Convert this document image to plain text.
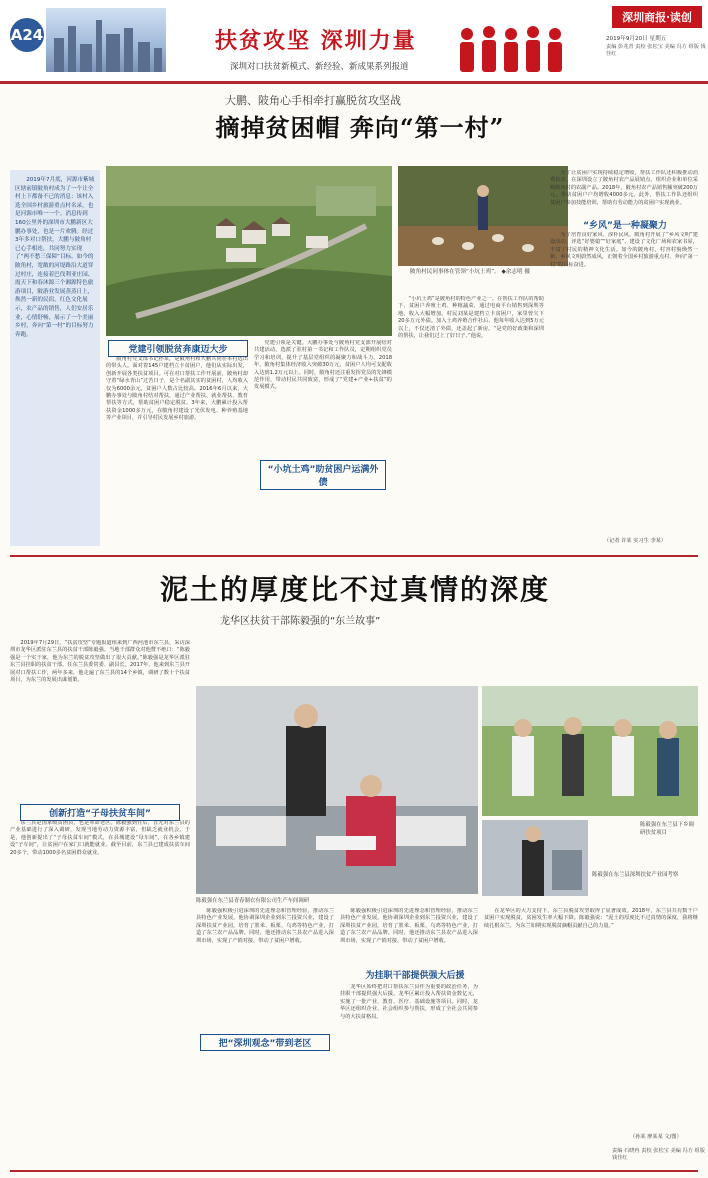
A24	扶贫攻坚 深圳力量
深圳对口扶贫新模式、新经验、新成果系列报道
深圳商报·读创
2019年9月20日 星期五
责编 彭兆青 责校 张松宝 美编 冯方 组版 钱佳红
大鹏、陂角心手相牵打赢脱贫攻坚战
摘掉贫困帽 奔向“第一村”

2019年7月底，河源市紫城区辖前镇陂角村成为了一个让全村上下都备不已的消息：该村入选全国乡村旅游重点村名录，也是河源市唯一一个。消息传到160公里外的深圳市大鹏新区大鹏办事处，也是一片欢腾。经过3年多对口帮扶，大鹏与陂角村已心手相连，共同努力实现了“两不愁三保障”目标。如今的陂角村，宽敞的河堤路沿大道穿过村庄，连接着巴伐利亚庄园、霞天下和春沐源三个湘源特色旅游项目，陂游业发展蒸蒸日上，焕然一新的民宿，红色文化展示，农产品的销售，人们安居乐业，心情舒畅，展示了一个美丽乡村，奔向“第一村”的目标努力奔跑。

陂角村民同事体在管领“小坑土鸡”。 ◆余志明 摄
党建引领脱贫奔康迈大步

陂角村党支部书记孙某，是陂角村和大鹏共同在本村选出的带头人。面对着145户建档立卡贫困户，他们从实际出发，创新开展各类扶贫项目。可在对口帮扶工作开展前，陂角村却守着“绿水青山”过苦日子，是个名副其实的贫困村，人均收入仅为6000余元，贫困户人数占比较高。2016年6月以来，大鹏办事处与陂角村结对帮扶，通过产业帮扶、就业帮扶、教育帮扶等方式，帮助贫困户稳定脱贫。3年来，大鹏累计投入帮扶资金1000多万元，在陂角村建设了光伏发电、种养殖基地等产业项目，并引导村民发展乡村旅游。

党建引领是关键。大鹏办事处与陂角村党支部开展结对共建活动，选派了驻村第一书记和工作队员，定期组织党员学习和培训，提升了基层党组织的凝聚力和战斗力。2018年，陂角村集体经济收入突破30万元，贫困户人均可支配收入达到1.2万元以上。同时，陂角村还注重发挥党员的先锋模范作用，带动村民共同致富，形成了“党建+产业+扶贫”的发展模式。

“小坑土鸡”助贫困户运满外债

“小坑土鸡”是陂角村的特色产业之一。在帮扶工作队的帮助下，贫困户养殖土鸡、种植蔬菜，通过电商平台销售到深圳等地，收入大幅增加。村民刘某是建档立卡贫困户，家里曾欠下20多万元外债。加入土鸡养殖合作社后，他每年收入达到5万元以上，不仅还清了外债，还盖起了新房。“是党的好政策和深圳的帮扶，让我们过上了好日子。”他说。

为了让贫困户实现持续稳定增收，帮扶工作队还积极推动消费扶贫，在深圳设立了陂角村农产品展销点，组织企业和单位采购陂角村的农副产品。2018年，陂角村农产品销售额突破200万元，带动贫困户户均增收4000多元。此外，帮扶工作队还组织贫困户参加技能培训，帮助有劳动能力的贫困户实现就业。

“乡风”是一种凝聚力

为了培育良好家风、淳朴民风，陂角村开展了“乡风文明”建设活动，评选“好婆媳”“好家庭”，建设了文化广场和农家书屋，丰富了村民的精神文化生活。如今的陂角村，村容村貌焕然一新，乡风文明蔚然成风，正朝着全国乡村旅游重点村、奔向“第一村”的目标奋进。

（记者 许某 实习生 李某）
泥土的厚度比不过真情的深度
龙华区扶贫干部陈毅强的“东兰故事”

2019年7月29日，“扶贫攻坚”专题报道组来到广西河池市东兰县，采访深圳市龙华区派驻东兰县的扶贫干部陈毅强。当地干部群众对他赞不绝口：“陈毅强是一个实干家，他为东兰的脱贫攻坚做出了很大贡献。”陈毅强是龙华区派驻东兰县挂职的扶贫干部，任东兰县委常委、副县长。2017年，他来到东兰县开展对口帮扶工作，两年多来，他走遍了东兰县的14个乡镇，调研了数十个扶贫项目，为东兰的发展出谋划策。

创新打造“子母扶贫车间”

东兰县是国家级贫困县，也是革命老区。陈毅强到任后，首先对东兰县的产业基础进行了深入调研，发现当地劳动力资源丰富，但缺乏就业机会。于是，他创新提出了“子母扶贫车间”模式，在县城建设“母车间”，在各乡镇建设“子车间”，让贫困户在家门口就能就业。截至目前，东兰县已建成扶贫车间20多个，带动1000多名贫困群众就业。

陈毅强在东兰县青春制衣有限公司生产车间调研
陈毅强在东兰县下乡调研扶贫项目
陈毅强在东兰县深圳扶贫产业园考察

陈毅强积极引进深圳的先进理念和管理经验，推动东兰县特色产业发展。他协调深圳企业到东兰投资兴业，建设了深圳扶贫产业园，培育了墨米、板栗、乌鸡等特色产业，打造了东兰农产品品牌。同时，他还推动东兰县农产品进入深圳市场，实现了产销对接，带动了贫困户增收。

把“深圳观念”带到老区

陈毅强积极引进深圳的先进理念和管理经验，推动东兰县特色产业发展。他协调深圳企业到东兰投资兴业，建设了深圳扶贫产业园，培育了墨米、板栗、乌鸡等特色产业，打造了东兰农产品品牌。同时，他还推动东兰县农产品进入深圳市场，实现了产销对接，带动了贫困户增收。

为挂职干部提供强大后援

龙华区始终把对口帮扶东兰县作为重要的政治任务，为挂职干部提供强大后援。龙华区累计投入帮扶资金数亿元，实施了一批产业、教育、医疗、基础设施等项目。同时，龙华区还组织企业、社会组织参与帮扶，形成了全社会共同参与的大扶贫格局。

在龙华区的大力支持下，东兰县脱贫攻坚取得了显著成效。2018年，东兰县共有数千户贫困户实现脱贫，贫困发生率大幅下降。陈毅强说：“泥土的厚度比不过真情的深度，我将继续扎根东兰，为东兰如期实现脱贫摘帽贡献自己的力量。”

（孙某 廖某某 文/图）
责编 石晓冉 责校 张松宝 美编 冯方 组版 钱佳红
